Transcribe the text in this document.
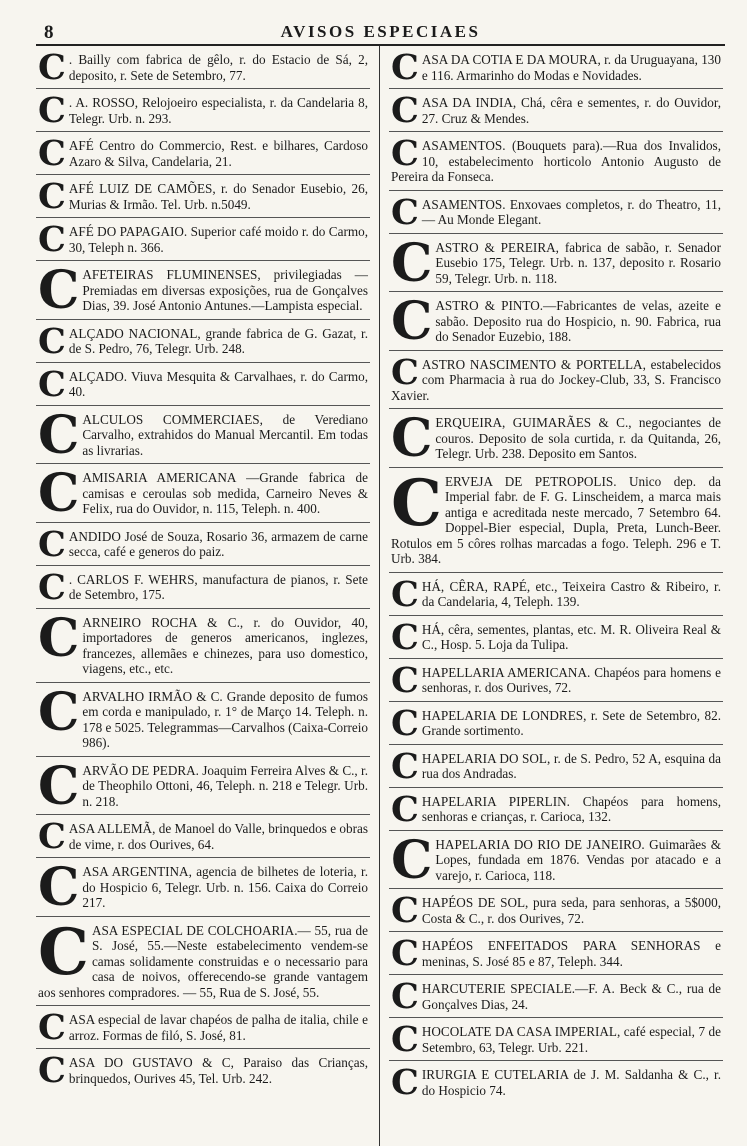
8	AVISOS ESPECIAES
C . Bailly com fabrica de gêlo, r. do Estacio de Sá, 2, deposito, r. Sete de Setembro, 77.
C . A. ROSSO, Relojoeiro especialista, r. da Candelaria 8, Telegr. Urb. n. 293.
CAFÉ Centro do Commercio, Rest. e bilhares, Cardoso Azaro & Silva, Candelaria, 21.
CAFÉ LUIZ DE CAMÕES, r. do Senador Eusebio, 26, Murias & Irmão. Tel. Urb. n.5049.
CAFÉ DO PAPAGAIO. Superior café moido r. do Carmo, 30, Teleph n. 366.
CAFETEIRAS FLUMINENSES, privilegiadas —Premiadas em diversas exposições, rua de Gonçalves Dias, 39. José Antonio Antunes.—Lampista especial.
CALÇADO NACIONAL, grande fabrica de G. Gazat, r. de S. Pedro, 76, Telegr. Urb. 248.
CALÇADO. Viuva Mesquita & Carvalhaes, r. do Carmo, 40.
CALCULOS COMMERCIAES, de Verediano Carvalho, extrahidos do Manual Mercantil. Em todas as livrarias.
CAMISARIA AMERICANA —Grande fabrica de camisas e ceroulas sob medida, Carneiro Neves & Felix, rua do Ouvidor, n. 115, Teleph. n. 400.
CANDIDO José de Souza, Rosario 36, armazem de carne secca, café e generos do paiz.
C . CARLOS F. WEHRS, manufactura de pianos, r. Sete de Setembro, 175.
CARNEIRO ROCHA & C., r. do Ouvidor, 40, importadores de generos americanos, inglezes, francezes, allemães e chinezes, para uso domestico, viagens, etc., etc.
CARVALHO IRMÃO & C. Grande deposito de fumos em corda e manipulado, r. 1° de Março 14. Teleph. n. 178 e 5025. Telegrammas—Carvalhos (Caixa-Correio 986).
CARVÃO DE PEDRA. Joaquim Ferreira Alves & C., r. de Theophilo Ottoni, 46, Teleph. n. 218 e Telegr. Urb. n. 218.
CASA ALLEMÃ, de Manoel do Valle, brinquedos e obras de vime, r. dos Ourives, 64.
CASA ARGENTINA, agencia de bilhetes de loteria, r. do Hospicio 6, Telegr. Urb. n. 156. Caixa do Correio 217.
CASA ESPECIAL DE COLCHOARIA.— 55, rua de S. José, 55.—Neste estabelecimento vendem-se camas solidamente construidas e o necessario para casa de noivos, offerecendo-se grande vantagem aos senhores compradores. — 55, Rua de S. José, 55.
CASA especial de lavar chapéos de palha de italia, chile e arroz. Formas de filó, S. José, 81.
CASA DO GUSTAVO & C, Paraiso das Crianças, brinquedos, Ourives 45, Tel. Urb. 242.
CASA DA COTIA E DA MOURA, r. da Uruguayana, 130 e 116. Armarinho do Modas e Novidades.
CASA DA INDIA, Chá, cêra e sementes, r. do Ouvidor, 27. Cruz & Mendes.
CASAMENTOS. (Bouquets para).—Rua dos Invalidos, 10, estabelecimento horticolo Antonio Augusto de Pereira da Fonseca.
CASAMENTOS. Enxovaes completos, r. do Theatro, 11, — Au Monde Elegant.
CASTRO & PEREIRA, fabrica de sabão, r. Senador Eusebio 175, Telegr. Urb. n. 137, deposito r. Rosario 59, Telegr. Urb. n. 118.
CASTRO & PINTO.—Fabricantes de velas, azeite e sabão. Deposito rua do Hospicio, n. 90. Fabrica, rua do Senador Euzebio, 188.
CASTRO NASCIMENTO & PORTELLA, estabelecidos com Pharmacia à rua do Jockey-Club, 33, S. Francisco Xavier.
CERQUEIRA, GUIMARÃES & C., negociantes de couros. Deposito de sola curtida, r. da Quitanda, 26, Telegr. Urb. 238. Deposito em Santos.
CERVEJA DE PETROPOLIS. Unico dep. da Imperial fabr. de F. G. Linscheidem, a marca mais antiga e acreditada neste mercado, 7 Setembro 64. Doppel-Bier especial, Dupla, Preta, Lunch-Beer. Rotulos em 5 côres rolhas marcadas a fogo. Teleph. 296 e T. Urb. 384.
CHÁ, CÊRA, RAPÉ, etc., Teixeira Castro & Ribeiro, r. da Candelaria, 4, Teleph. 139.
CHÁ, cêra, sementes, plantas, etc. M. R. Oliveira Real & C., Hosp. 5. Loja da Tulipa.
CHAPELLARIA AMERICANA. Chapéos para homens e senhoras, r. dos Ourives, 72.
CHAPELARIA DE LONDRES, r. Sete de Setembro, 82. Grande sortimento.
CHAPELARIA DO SOL, r. de S. Pedro, 52 A, esquina da rua dos Andradas.
CHAPELARIA PIPERLIN. Chapéos para homens, senhoras e crianças, r. Carioca, 132.
CHAPELARIA DO RIO DE JANEIRO. Guimarães & Lopes, fundada em 1876. Vendas por atacado e a varejo, r. Carioca, 118.
CHAPÉOS DE SOL, pura seda, para senhoras, a 5$000, Costa & C., r. dos Ourives, 72.
CHAPÉOS ENFEITADOS PARA SENHORAS e meninas, S. José 85 e 87, Teleph. 344.
CHARCUTERIE SPECIALE.—F. A. Beck & C., rua de Gonçalves Dias, 24.
CHOCOLATE DA CASA IMPERIAL, café especial, 7 de Setembro, 63, Telegr. Urb. 221.
CIRURGIA E CUTELARIA de J. M. Saldanha & C., r. do Hospicio 74.
